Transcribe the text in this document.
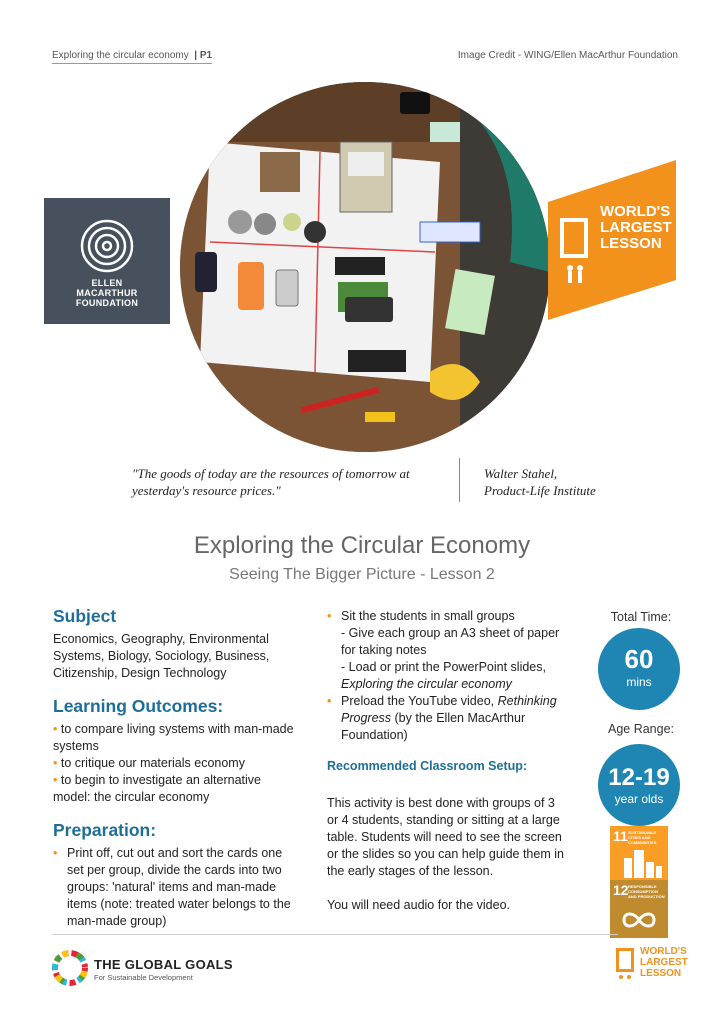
Exploring the circular economy | P1	Image Credit - WING/Ellen MacArthur Foundation
ELLEN
MACARTHUR
FOUNDATION
WORLD'S
LARGEST
LESSON
"The goods of today are the resources of tomorrow at yesterday's resource prices."
Walter Stahel,
Product-Life Institute
Exploring the Circular Economy
Seeing The Bigger Picture - Lesson 2
Subject

Economics, Geography, Environmental Systems, Biology, Sociology, Business, Citizenship, Design Technology

Learning Outcomes:

• to compare living systems with man-made systems

• to critique our materials economy

• to begin to investigate an alternative model: the circular economy

Preparation:
• Print off, cut out and sort the cards one set per group, divide the cards into two groups: 'natural' items and man-made items (note: treated water belongs to the man-made group)
• Sit the students in small groups

- Give each group an A3 sheet of paper for taking notes

- Load or print the PowerPoint slides, Exploring the circular economy

• Preload the YouTube video, Rethinking Progress (by the Ellen MacArthur Foundation)
Recommended Classroom Setup:

This activity is best done with groups of 3 or 4 students, standing or sitting at a large table. Students will need to see the screen or the slides so you can help guide them in the early stages of the lesson.

You will need audio for the video.

Total Time:
60
mins
Age Range:
12-19
year olds
11 SUSTAINABLE CITIES AND COMMUNITIES
12 RESPONSIBLE CONSUMPTION AND PRODUCTION
THE GLOBAL GOALS
For Sustainable Development
WORLD'S
LARGEST
LESSON
